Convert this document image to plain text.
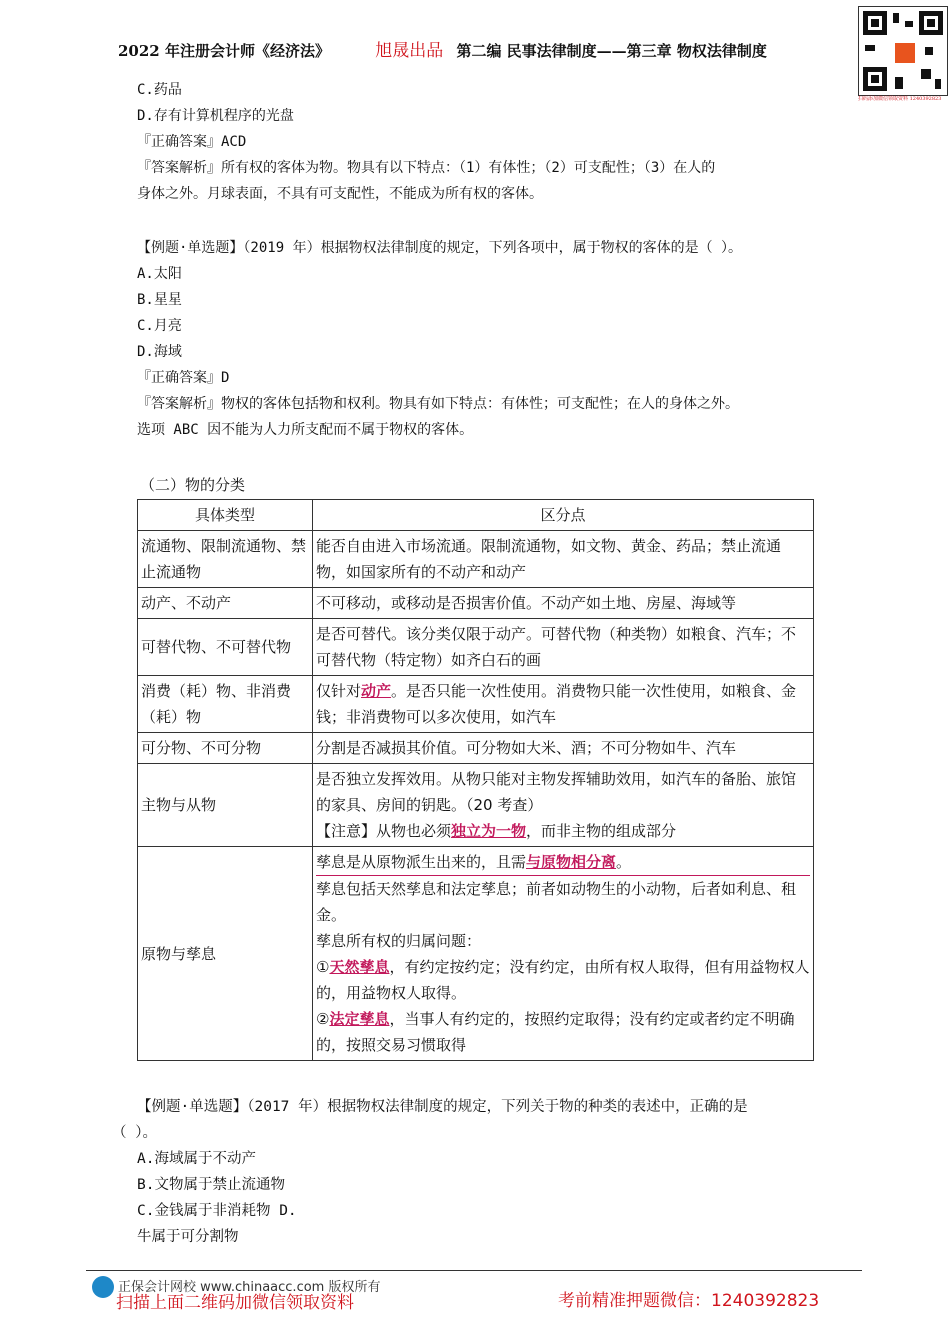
2022 年注册会计师《经济法》	旭晟出品 第二编 民事法律制度——第三章 物权法律制度
扫码添加微信领取资料 1240392823
C.药品
D.存有计算机程序的光盘
『正确答案』ACD
『答案解析』所有权的客体为物。物具有以下特点：（1）有体性；（2）可支配性；（3）在人的
身体之外。月球表面，不具有可支配性，不能成为所有权的客体。
【例题·单选题】（2019 年）根据物权法律制度的规定，下列各项中，属于物权的客体的是（ ）。
A.太阳
B.星星
C.月亮
D.海域
『正确答案』D
『答案解析』物权的客体包括物和权利。物具有如下特点：有体性；可支配性；在人的身体之外。
选项 ABC 因不能为人力所支配而不属于物权的客体。
（二）物的分类
具体类型	区分点
流通物、限制流通物、禁止流通物	能否自由进入市场流通。限制流通物，如文物、黄金、药品；禁止流通物，如国家所有的不动产和动产
动产、不动产	不可移动，或移动是否损害价值。不动产如土地、房屋、海域等
可替代物、不可替代物	是否可替代。该分类仅限于动产。可替代物（种类物）如粮食、汽车；不可替代物（特定物）如齐白石的画
消费（耗）物、非消费（耗）物	仅针对动产。是否只能一次性使用。消费物只能一次性使用，如粮食、金钱；非消费物可以多次使用，如汽车
可分物、不可分物	分割是否减损其价值。可分物如大米、酒；不可分物如牛、汽车
主物与从物	是否独立发挥效用。从物只能对主物发挥辅助效用，如汽车的备胎、旅馆的家具、房间的钥匙。（20 考查）
【注意】从物也必须独立为一物，而非主物的组成部分

原物与孳息	孳息是从原物派生出来的，且需与原物相分离。
孳息包括天然孳息和法定孳息；前者如动物生的小动物，后者如利息、租金。
孳息所有权的归属问题：
①天然孳息，有约定按约定；没有约定，由所有权人取得，但有用益物权人的，用益物权人取得。
②法定孳息，当事人有约定的，按照约定取得；没有约定或者约定不明确的，按照交易习惯取得
【例题·单选题】（2017 年）根据物权法律制度的规定，下列关于物的种类的表述中，正确的是
（ ）。
A.海域属于不动产
B.文物属于禁止流通物
C.金钱属于非消耗物 D.
牛属于可分割物
正保会计网校 www.chinaacc.com 版权所有
扫描上面二维码加微信领取资料	考前精准押题微信：1240392823
